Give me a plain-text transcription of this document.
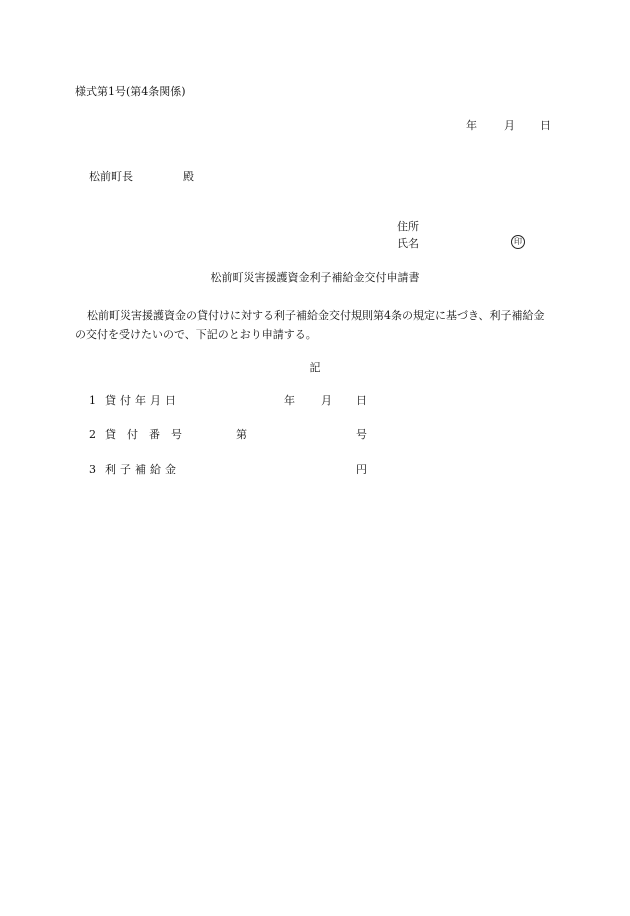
様式第1号(第4条関係)
年 月 日
松前町長	殿
住所
氏名	印
松前町災害援護資金利子補給金交付申請書
松前町災害援護資金の貸付けに対する利子補給金交付規則第4条の規定に基づき、利子補給金の交付を受けたいので、下記のとおり申請する。
記
1 貸付年月日	年 月 日
2 貸付番号	第	号
3 利子補給金	円
